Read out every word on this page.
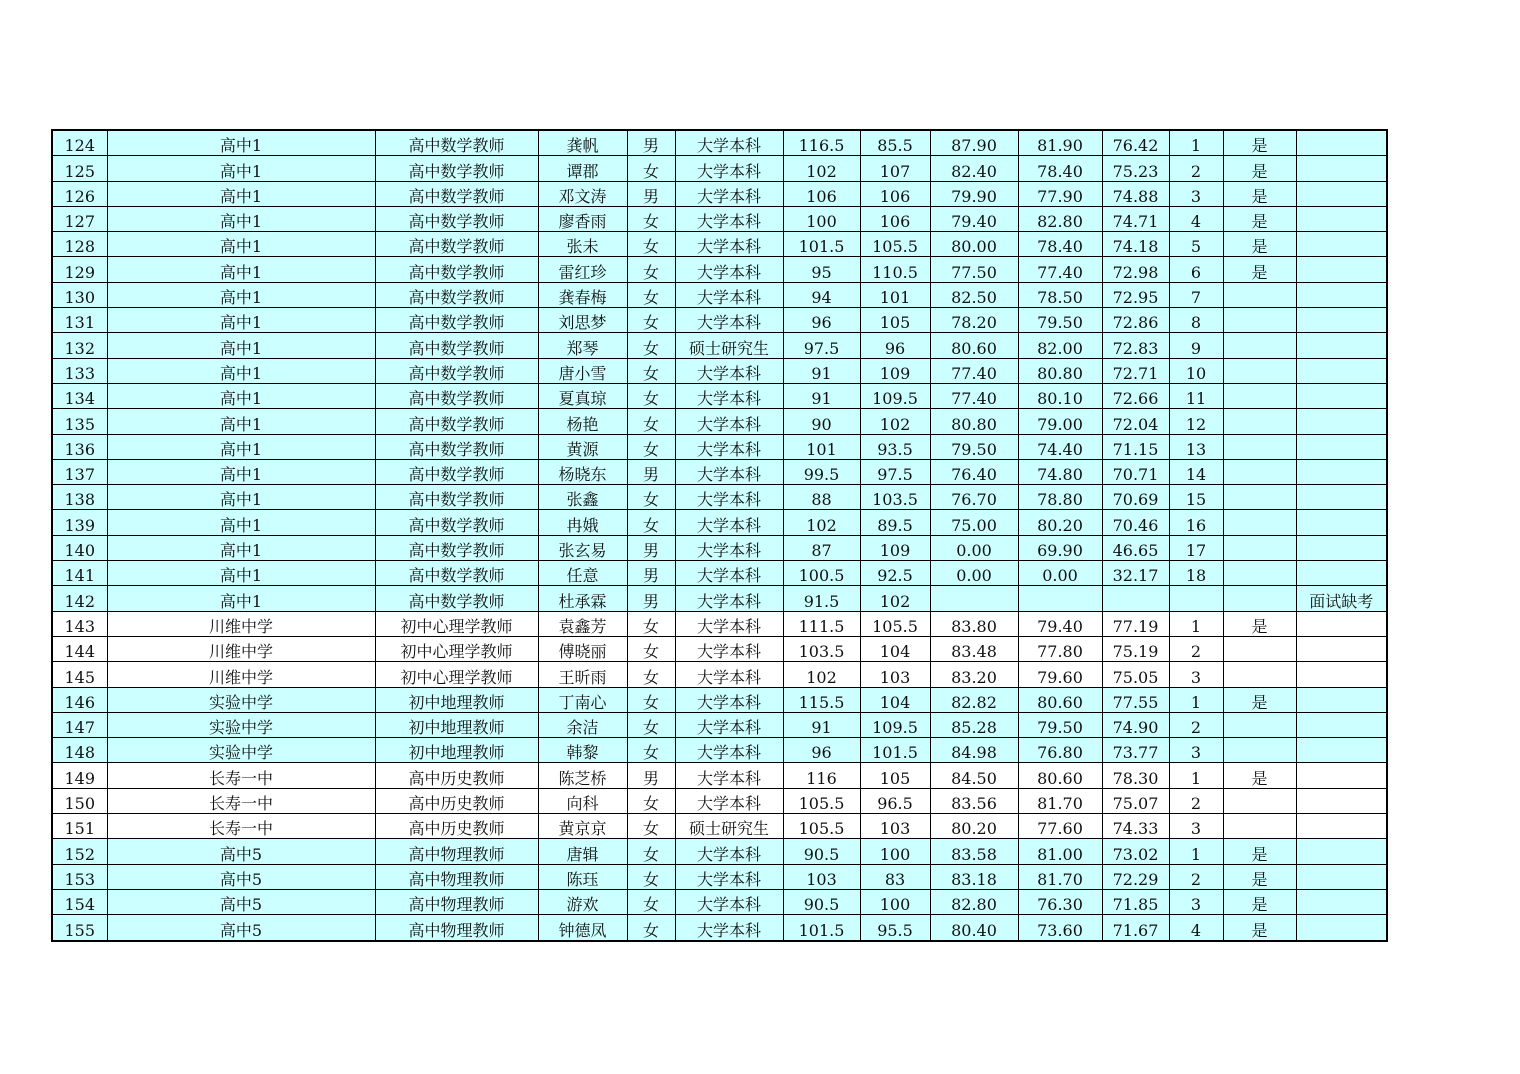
124	高中1	高中数学教师	龚帆	男	大学本科	116.5	85.5	87.90	81.90	76.42	1	是	
125	高中1	高中数学教师	谭郡	女	大学本科	102	107	82.40	78.40	75.23	2	是	
126	高中1	高中数学教师	邓文涛	男	大学本科	106	106	79.90	77.90	74.88	3	是	
127	高中1	高中数学教师	廖香雨	女	大学本科	100	106	79.40	82.80	74.71	4	是	
128	高中1	高中数学教师	张未	女	大学本科	101.5	105.5	80.00	78.40	74.18	5	是	
129	高中1	高中数学教师	雷红珍	女	大学本科	95	110.5	77.50	77.40	72.98	6	是	
130	高中1	高中数学教师	龚春梅	女	大学本科	94	101	82.50	78.50	72.95	7		
131	高中1	高中数学教师	刘思梦	女	大学本科	96	105	78.20	79.50	72.86	8		
132	高中1	高中数学教师	郑琴	女	硕士研究生	97.5	96	80.60	82.00	72.83	9		
133	高中1	高中数学教师	唐小雪	女	大学本科	91	109	77.40	80.80	72.71	10		
134	高中1	高中数学教师	夏真琼	女	大学本科	91	109.5	77.40	80.10	72.66	11		
135	高中1	高中数学教师	杨艳	女	大学本科	90	102	80.80	79.00	72.04	12		
136	高中1	高中数学教师	黄源	女	大学本科	101	93.5	79.50	74.40	71.15	13		
137	高中1	高中数学教师	杨晓东	男	大学本科	99.5	97.5	76.40	74.80	70.71	14		
138	高中1	高中数学教师	张鑫	女	大学本科	88	103.5	76.70	78.80	70.69	15		
139	高中1	高中数学教师	冉娥	女	大学本科	102	89.5	75.00	80.20	70.46	16		
140	高中1	高中数学教师	张玄易	男	大学本科	87	109	0.00	69.90	46.65	17		
141	高中1	高中数学教师	任意	男	大学本科	100.5	92.5	0.00	0.00	32.17	18		
142	高中1	高中数学教师	杜承霖	男	大学本科	91.5	102						面试缺考
143	川维中学	初中心理学教师	袁鑫芳	女	大学本科	111.5	105.5	83.80	79.40	77.19	1	是	
144	川维中学	初中心理学教师	傅晓丽	女	大学本科	103.5	104	83.48	77.80	75.19	2		
145	川维中学	初中心理学教师	王昕雨	女	大学本科	102	103	83.20	79.60	75.05	3		
146	实验中学	初中地理教师	丁南心	女	大学本科	115.5	104	82.82	80.60	77.55	1	是	
147	实验中学	初中地理教师	余洁	女	大学本科	91	109.5	85.28	79.50	74.90	2		
148	实验中学	初中地理教师	韩黎	女	大学本科	96	101.5	84.98	76.80	73.77	3		
149	长寿一中	高中历史教师	陈芝桥	男	大学本科	116	105	84.50	80.60	78.30	1	是	
150	长寿一中	高中历史教师	向科	女	大学本科	105.5	96.5	83.56	81.70	75.07	2		
151	长寿一中	高中历史教师	黄京京	女	硕士研究生	105.5	103	80.20	77.60	74.33	3		
152	高中5	高中物理教师	唐辑	女	大学本科	90.5	100	83.58	81.00	73.02	1	是	
153	高中5	高中物理教师	陈珏	女	大学本科	103	83	83.18	81.70	72.29	2	是	
154	高中5	高中物理教师	游欢	女	大学本科	90.5	100	82.80	76.30	71.85	3	是	
155	高中5	高中物理教师	钟德凤	女	大学本科	101.5	95.5	80.40	73.60	71.67	4	是	
